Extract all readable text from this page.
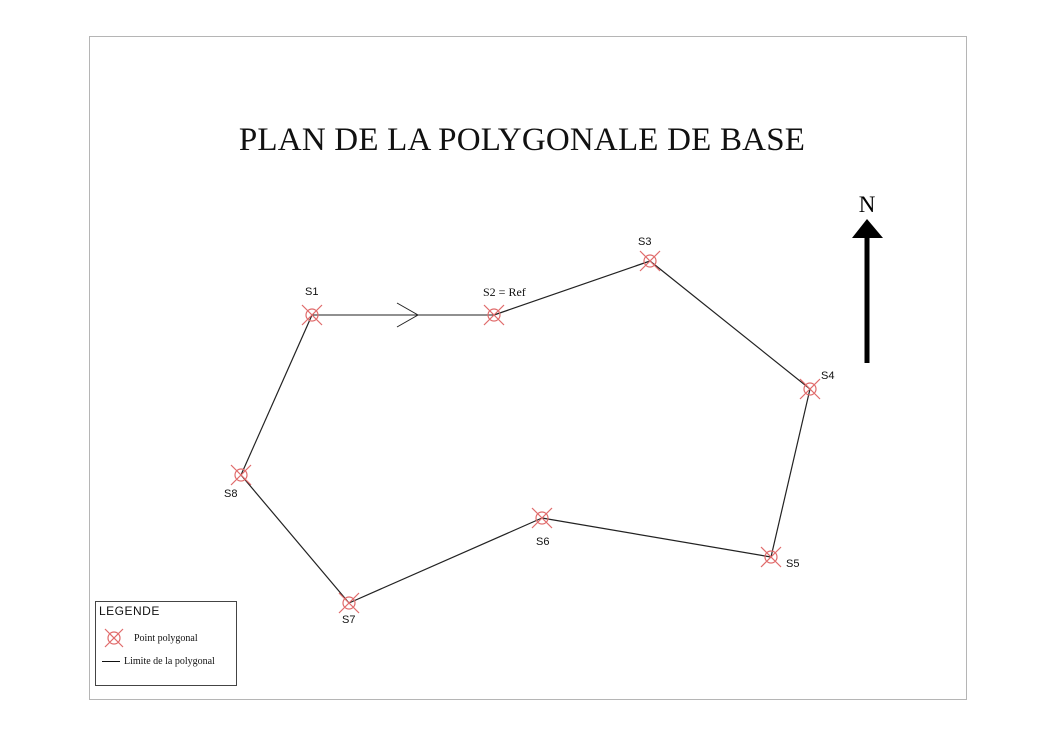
PLAN DE LA POLYGONALE DE BASE
N
S1	S2 = Ref
S3
S4
S5
S6
S7
S8
LEGENDE
Point polygonal
Limite de la polygonal
